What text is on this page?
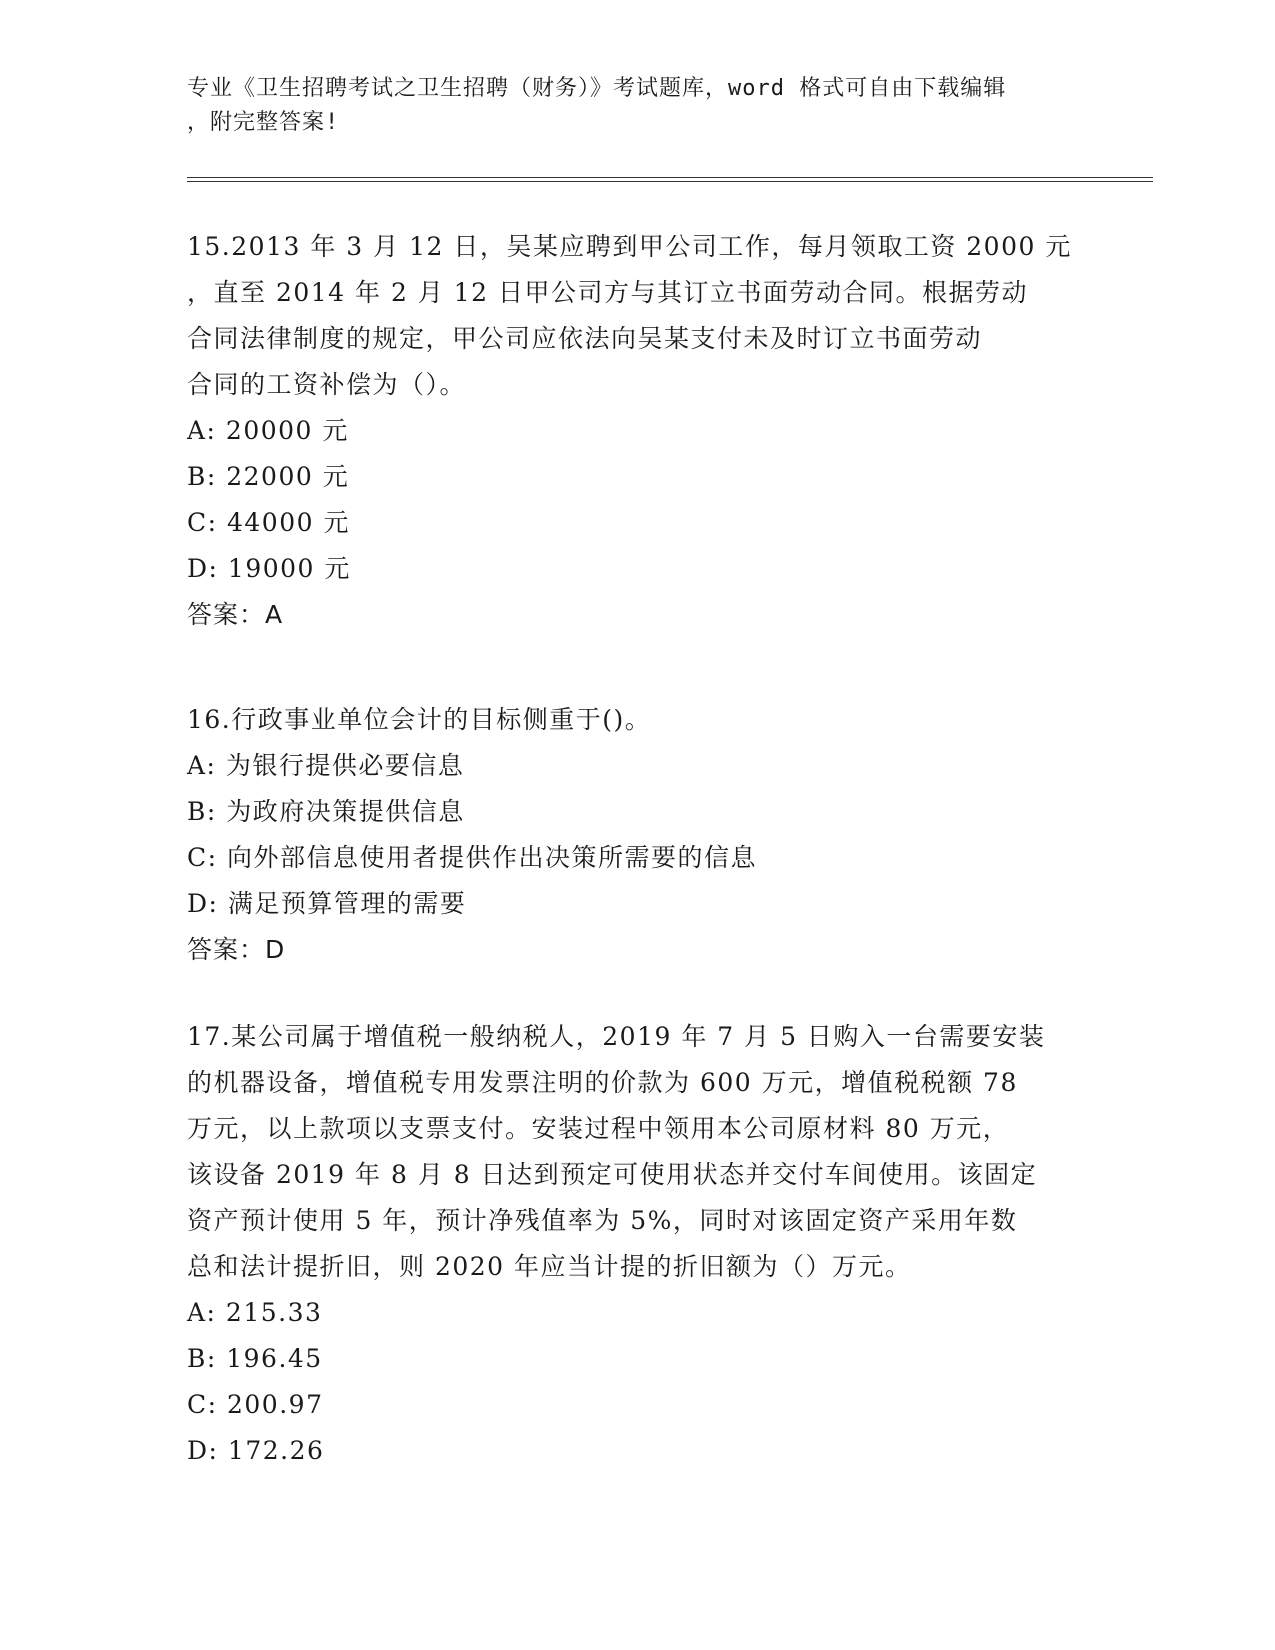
专业《卫生招聘考试之卫生招聘（财务）》考试题库，word 格式可自由下载编辑
，附完整答案!

15.2013 年 3 月 12 日，吴某应聘到甲公司工作，每月领取工资 2000 元

，直至 2014 年 2 月 12 日甲公司方与其订立书面劳动合同。根据劳动

合同法律制度的规定，甲公司应依法向吴某支付未及时订立书面劳动

合同的工资补偿为（）。

A: 20000 元

B: 22000 元

C: 44000 元

D: 19000 元

答案：A

16.行政事业单位会计的目标侧重于()。

A: 为银行提供必要信息

B: 为政府决策提供信息

C: 向外部信息使用者提供作出决策所需要的信息

D: 满足预算管理的需要

答案：D

17.某公司属于增值税一般纳税人，2019 年 7 月 5 日购入一台需要安装

的机器设备，增值税专用发票注明的价款为 600 万元，增值税税额 78

万元，以上款项以支票支付。安装过程中领用本公司原材料 80 万元，

该设备 2019 年 8 月 8 日达到预定可使用状态并交付车间使用。该固定

资产预计使用 5 年，预计净残值率为 5%，同时对该固定资产采用年数

总和法计提折旧，则 2020 年应当计提的折旧额为（）万元。

A: 215.33

B: 196.45

C: 200.97

D: 172.26
